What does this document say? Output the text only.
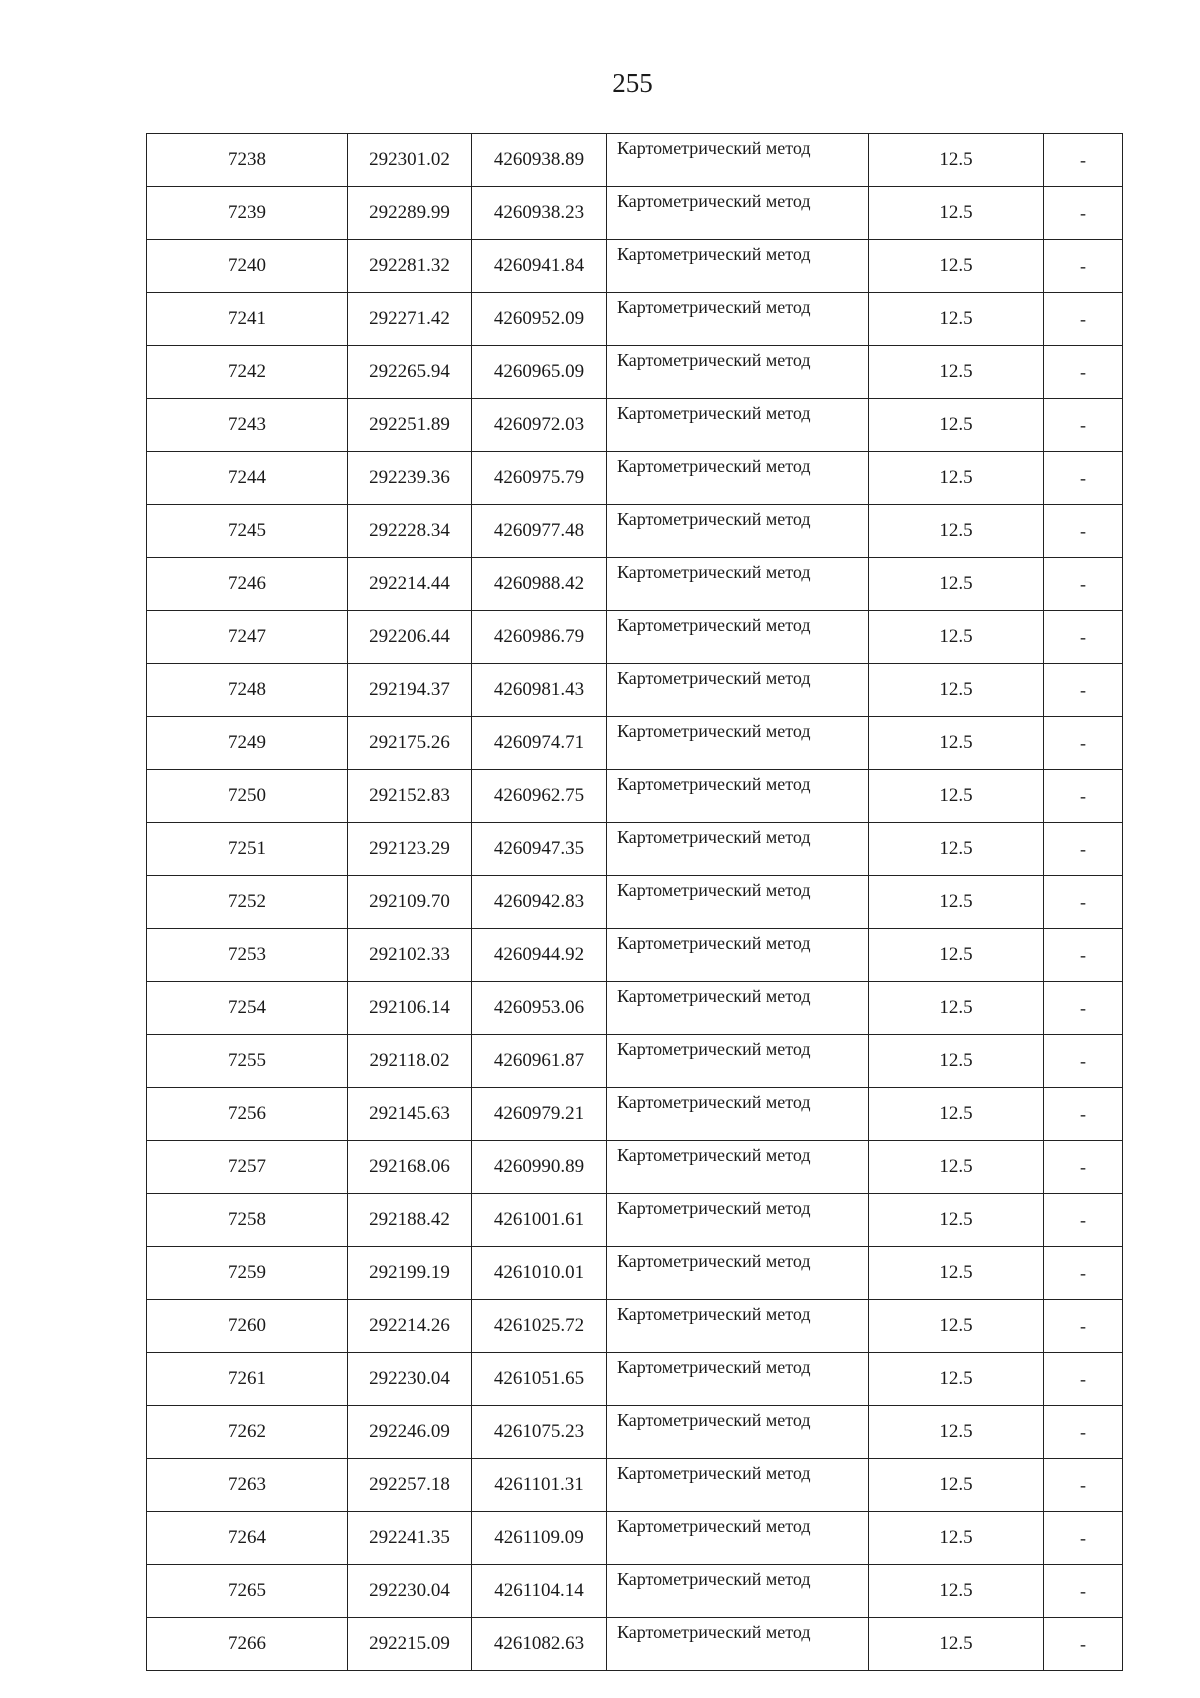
255
7238	292301.02	4260938.89	Картометрический метод	12.5	-
7239	292289.99	4260938.23	Картометрический метод	12.5	-
7240	292281.32	4260941.84	Картометрический метод	12.5	-
7241	292271.42	4260952.09	Картометрический метод	12.5	-
7242	292265.94	4260965.09	Картометрический метод	12.5	-
7243	292251.89	4260972.03	Картометрический метод	12.5	-
7244	292239.36	4260975.79	Картометрический метод	12.5	-
7245	292228.34	4260977.48	Картометрический метод	12.5	-
7246	292214.44	4260988.42	Картометрический метод	12.5	-
7247	292206.44	4260986.79	Картометрический метод	12.5	-
7248	292194.37	4260981.43	Картометрический метод	12.5	-
7249	292175.26	4260974.71	Картометрический метод	12.5	-
7250	292152.83	4260962.75	Картометрический метод	12.5	-
7251	292123.29	4260947.35	Картометрический метод	12.5	-
7252	292109.70	4260942.83	Картометрический метод	12.5	-
7253	292102.33	4260944.92	Картометрический метод	12.5	-
7254	292106.14	4260953.06	Картометрический метод	12.5	-
7255	292118.02	4260961.87	Картометрический метод	12.5	-
7256	292145.63	4260979.21	Картометрический метод	12.5	-
7257	292168.06	4260990.89	Картометрический метод	12.5	-
7258	292188.42	4261001.61	Картометрический метод	12.5	-
7259	292199.19	4261010.01	Картометрический метод	12.5	-
7260	292214.26	4261025.72	Картометрический метод	12.5	-
7261	292230.04	4261051.65	Картометрический метод	12.5	-
7262	292246.09	4261075.23	Картометрический метод	12.5	-
7263	292257.18	4261101.31	Картометрический метод	12.5	-
7264	292241.35	4261109.09	Картометрический метод	12.5	-
7265	292230.04	4261104.14	Картометрический метод	12.5	-
7266	292215.09	4261082.63	Картометрический метод	12.5	-
